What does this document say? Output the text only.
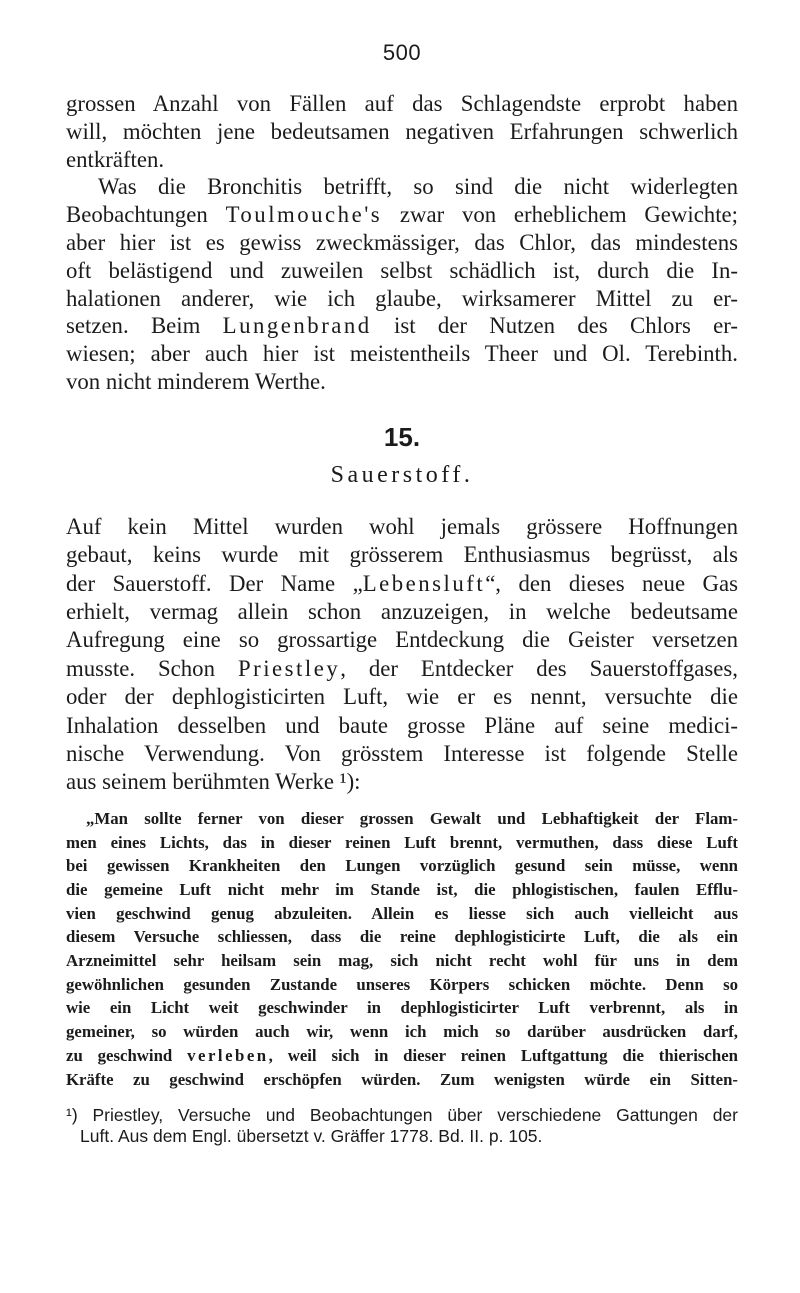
500

grossen Anzahl von Fällen auf das Schlagendste erprobt haben

will, möchten jene bedeutsamen negativen Erfahrungen schwerlich

entkräften.

Was die Bronchitis betrifft, so sind die nicht widerlegten

Beobachtungen Toulmouche's zwar von erheblichem Gewichte;

aber hier ist es gewiss zweckmässiger, das Chlor, das mindestens

oft belästigend und zuweilen selbst schädlich ist, durch die In-

halationen anderer, wie ich glaube, wirksamerer Mittel zu er-

setzen. Beim Lungenbrand ist der Nutzen des Chlors er-

wiesen; aber auch hier ist meistentheils Theer und Ol. Terebinth.

von nicht minderem Werthe.

15.
Sauerstoff.

Auf kein Mittel wurden wohl jemals grössere Hoffnungen

gebaut, keins wurde mit grösserem Enthusiasmus begrüsst, als

der Sauerstoff. Der Name „Lebensluft“, den dieses neue Gas

erhielt, vermag allein schon anzuzeigen, in welche bedeutsame

Aufregung eine so grossartige Entdeckung die Geister versetzen

musste. Schon Priestley, der Entdecker des Sauerstoffgases,

oder der dephlogisticirten Luft, wie er es nennt, versuchte die

Inhalation desselben und baute grosse Pläne auf seine medici-

nische Verwendung. Von grösstem Interesse ist folgende Stelle

aus seinem berühmten Werke ¹):

„Man sollte ferner von dieser grossen Gewalt und Lebhaftigkeit der Flam-

men eines Lichts, das in dieser reinen Luft brennt, vermuthen, dass diese Luft

bei gewissen Krankheiten den Lungen vorzüglich gesund sein müsse, wenn

die gemeine Luft nicht mehr im Stande ist, die phlogistischen, faulen Efflu-

vien geschwind genug abzuleiten. Allein es liesse sich auch vielleicht aus

diesem Versuche schliessen, dass die reine dephlogisticirte Luft, die als ein

Arzneimittel sehr heilsam sein mag, sich nicht recht wohl für uns in dem

gewöhnlichen gesunden Zustande unseres Körpers schicken möchte. Denn so

wie ein Licht weit geschwinder in dephlogisticirter Luft verbrennt, als in

gemeiner, so würden auch wir, wenn ich mich so darüber ausdrücken darf,

zu geschwind verleben, weil sich in dieser reinen Luftgattung die thierischen

Kräfte zu geschwind erschöpfen würden. Zum wenigsten würde ein Sitten-

¹) Priestley, Versuche und Beobachtungen über verschiedene Gattungen der

Luft. Aus dem Engl. übersetzt v. Gräffer 1778. Bd. II. p. 105.
